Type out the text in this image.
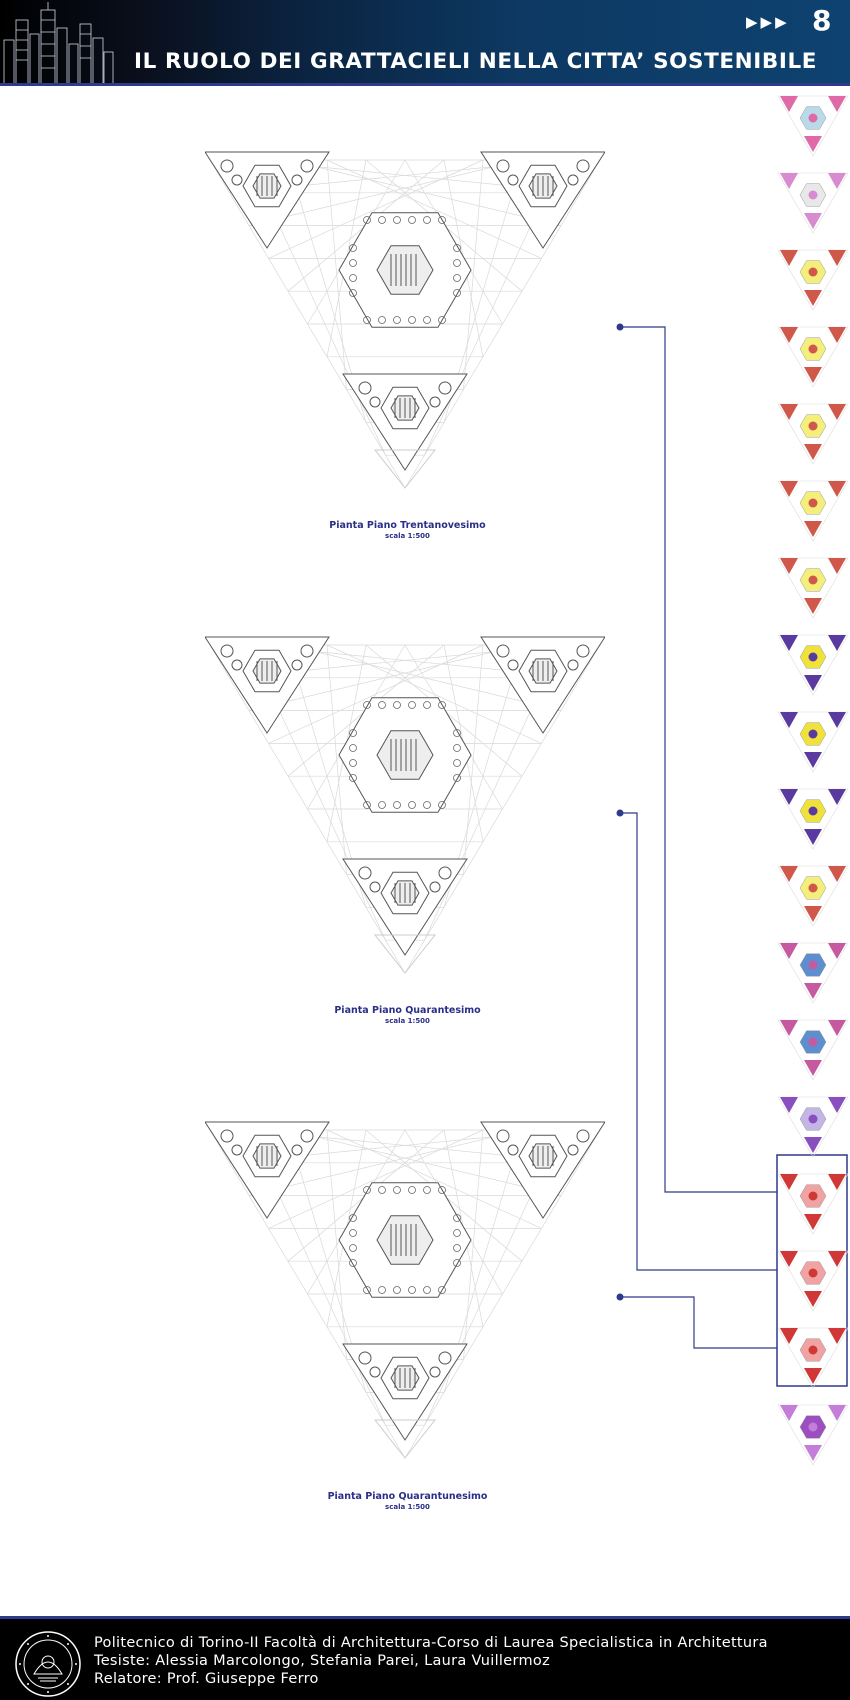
IL RUOLO DEI GRATTACIELI NELLA CITTA’ SOSTENIBILE
▶▶▶ 8
Pianta Piano Trentanovesimo
scala 1:500
Pianta Piano Quarantesimo
scala 1:500
Pianta Piano Quarantunesimo
scala 1:500
Politecnico di Torino-II Facoltà di Architettura-Corso di Laurea Specialistica in Architettura
Tesiste: Alessia Marcolongo, Stefania Parei, Laura Vuillermoz
Relatore: Prof. Giuseppe Ferro
